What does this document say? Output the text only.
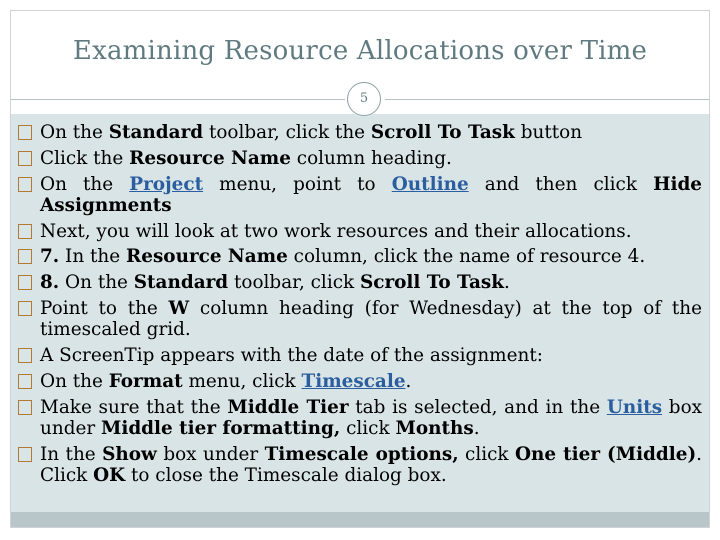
Examining Resource Allocations over Time
5
On the Standard toolbar, click the Scroll To Task button
Click the Resource Name column heading.
On the Project menu, point to Outline and then click Hide Assignments
Next, you will look at two work resources and their allocations.
7. In the Resource Name column, click the name of resource 4.
8. On the Standard toolbar, click Scroll To Task.
Point to the W column heading (for Wednesday) at the top of the timescaled grid.
A ScreenTip appears with the date of the assignment:
On the Format menu, click Timescale.
Make sure that the Middle Tier tab is selected, and in the Units box under Middle tier formatting, click Months.
In the Show box under Timescale options, click One tier (Middle). Click OK to close the Timescale dialog box.
